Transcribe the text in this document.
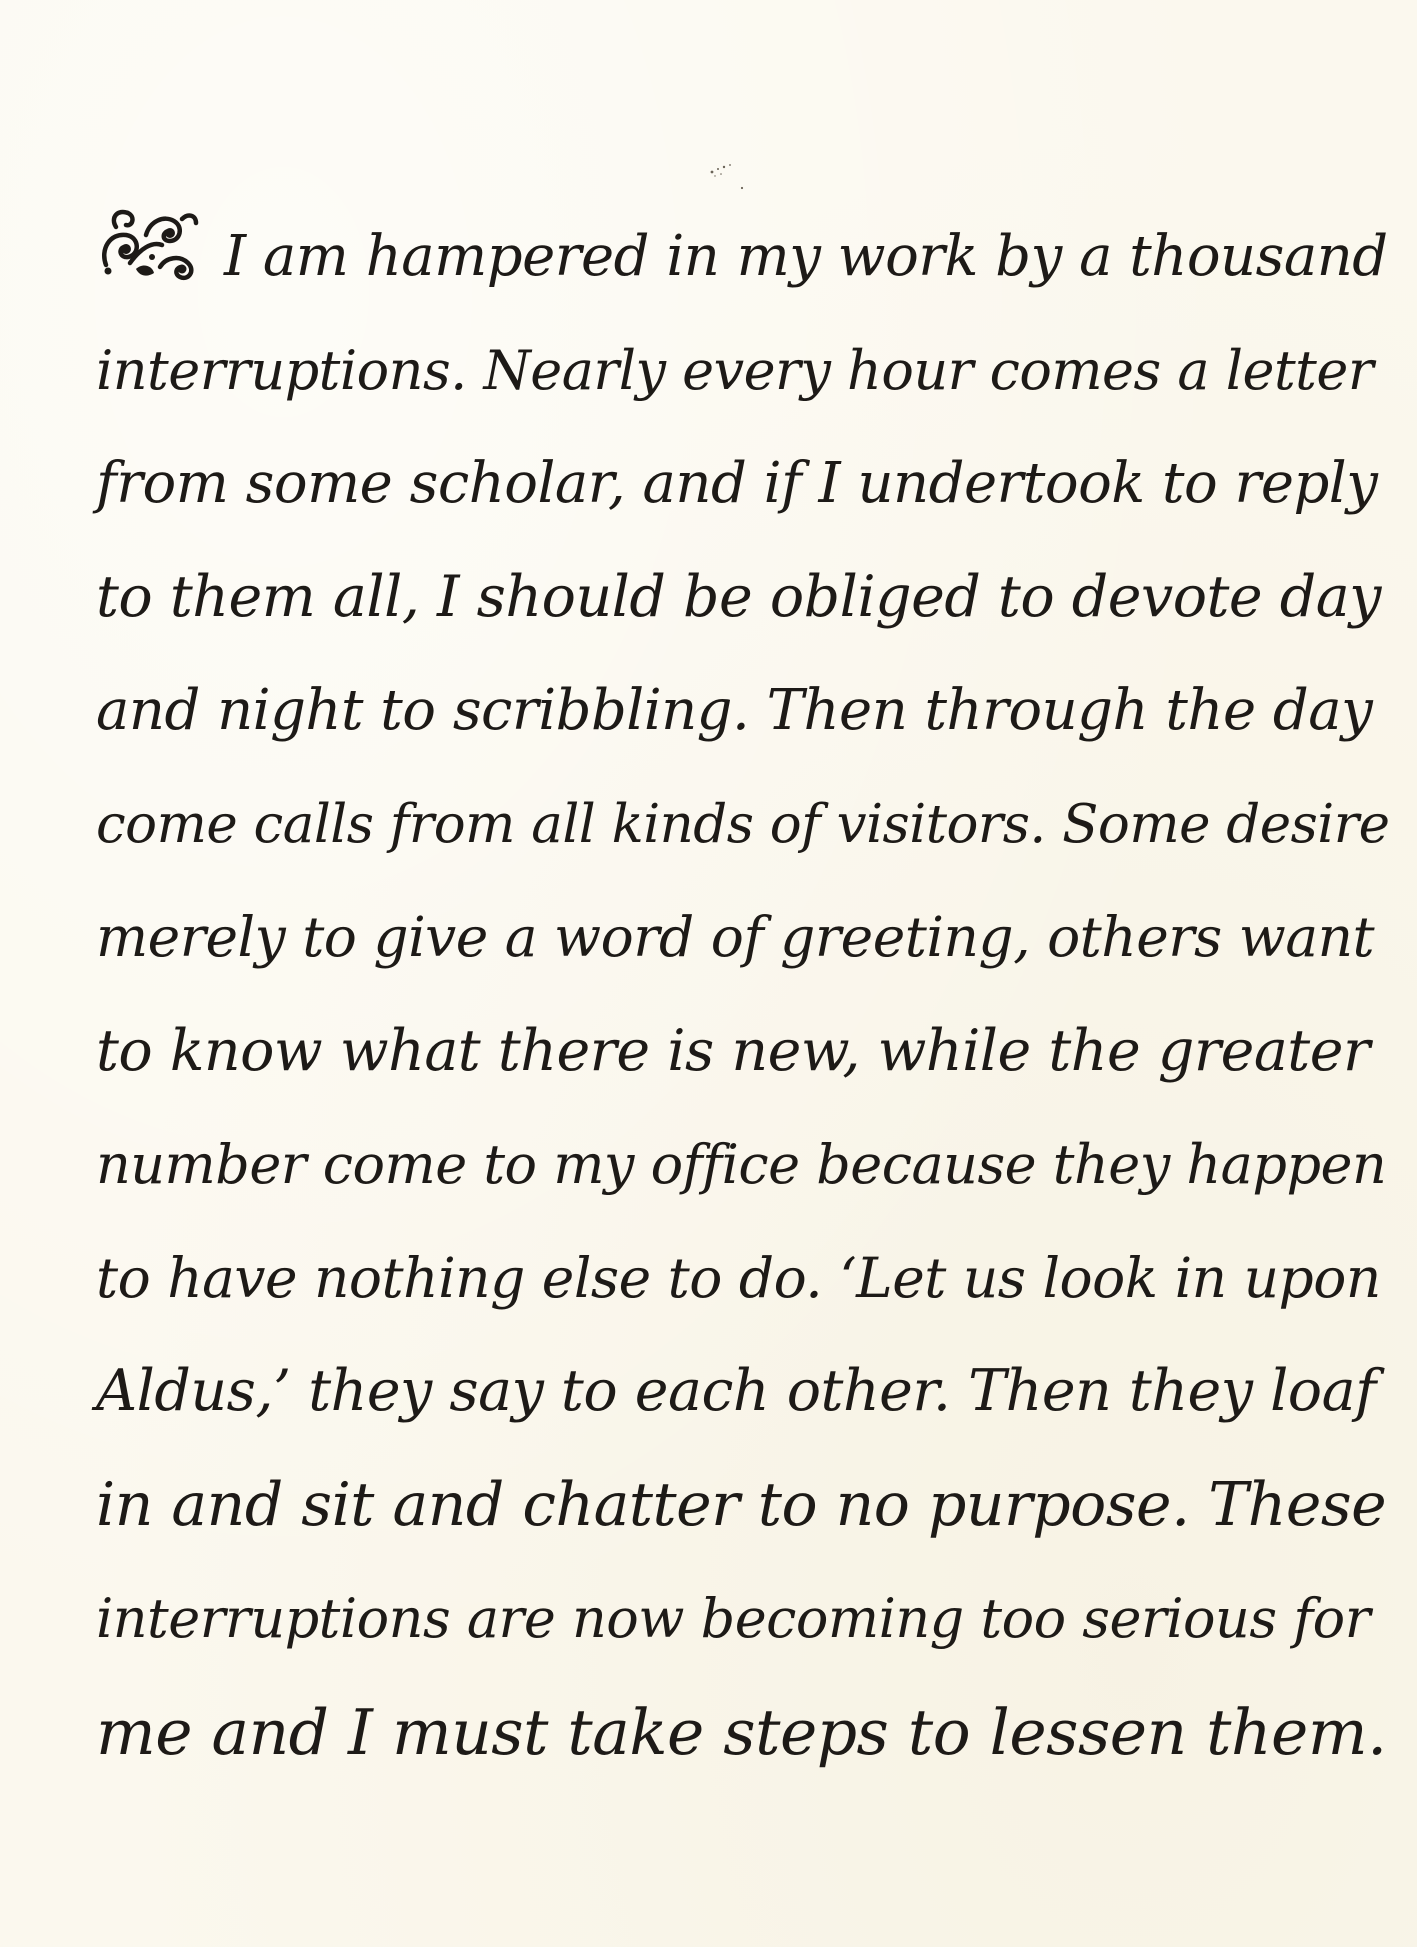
I am hampered in my work by a thousand
interruptions. Nearly every hour comes a letter
from some scholar, and if I undertook to reply
to them all, I should be obliged to devote day
and night to scribbling. Then through the day
come calls from all kinds of visitors. Some desire
merely to give a word of greeting, others want
to know what there is new, while the greater
number come to my office because they happen
to have nothing else to do. ‘Let us look in upon
Aldus,’ they say to each other. Then they loaf
in and sit and chatter to no purpose. These
interruptions are now becoming too serious for
me and I must take steps to lessen them.
